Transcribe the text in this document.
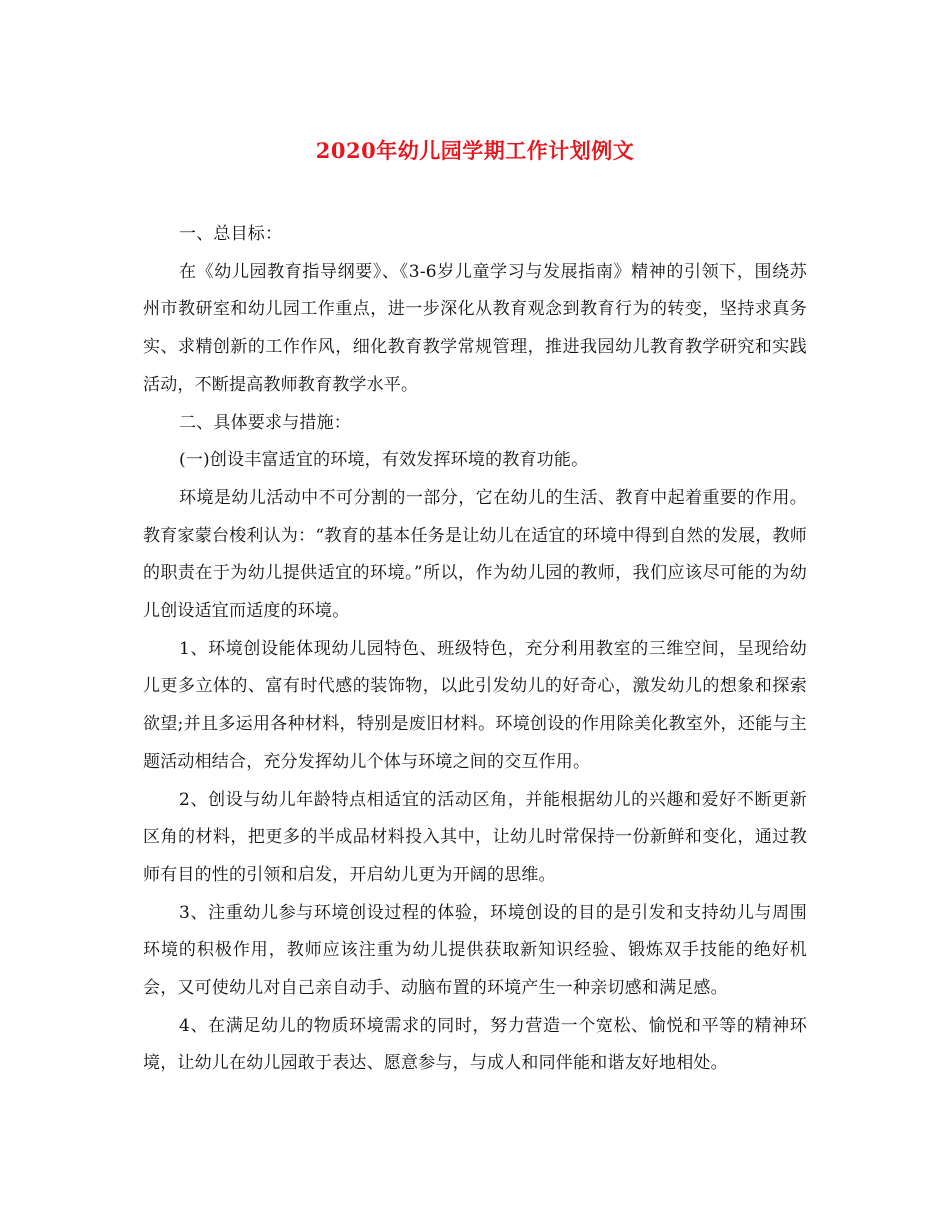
2020年幼儿园学期工作计划例文

一、总目标：

在《幼儿园教育指导纲要》、《3-6岁儿童学习与发展指南》精神的引领下，围绕苏州市教研室和幼儿园工作重点，进一步深化从教育观念到教育行为的转变，坚持求真务实、求精创新的工作作风，细化教育教学常规管理，推进我园幼儿教育教学研究和实践活动，不断提高教师教育教学水平。

二、具体要求与措施：

(一)创设丰富适宜的环境，有效发挥环境的教育功能。

环境是幼儿活动中不可分割的一部分，它在幼儿的生活、教育中起着重要的作用。教育家蒙台梭利认为：“教育的基本任务是让幼儿在适宜的环境中得到自然的发展，教师的职责在于为幼儿提供适宜的环境。”所以，作为幼儿园的教师，我们应该尽可能的为幼儿创设适宜而适度的环境。

1、环境创设能体现幼儿园特色、班级特色，充分利用教室的三维空间，呈现给幼儿更多立体的、富有时代感的装饰物，以此引发幼儿的好奇心，激发幼儿的想象和探索欲望;并且多运用各种材料，特别是废旧材料。环境创设的作用除美化教室外，还能与主题活动相结合，充分发挥幼儿个体与环境之间的交互作用。

2、创设与幼儿年龄特点相适宜的活动区角，并能根据幼儿的兴趣和爱好不断更新区角的材料，把更多的半成品材料投入其中，让幼儿时常保持一份新鲜和变化，通过教师有目的性的引领和启发，开启幼儿更为开阔的思维。

3、注重幼儿参与环境创设过程的体验，环境创设的目的是引发和支持幼儿与周围环境的积极作用，教师应该注重为幼儿提供获取新知识经验、锻炼双手技能的绝好机会，又可使幼儿对自己亲自动手、动脑布置的环境产生一种亲切感和满足感。

4、在满足幼儿的物质环境需求的同时，努力营造一个宽松、愉悦和平等的精神环境，让幼儿在幼儿园敢于表达、愿意参与，与成人和同伴能和谐友好地相处。
